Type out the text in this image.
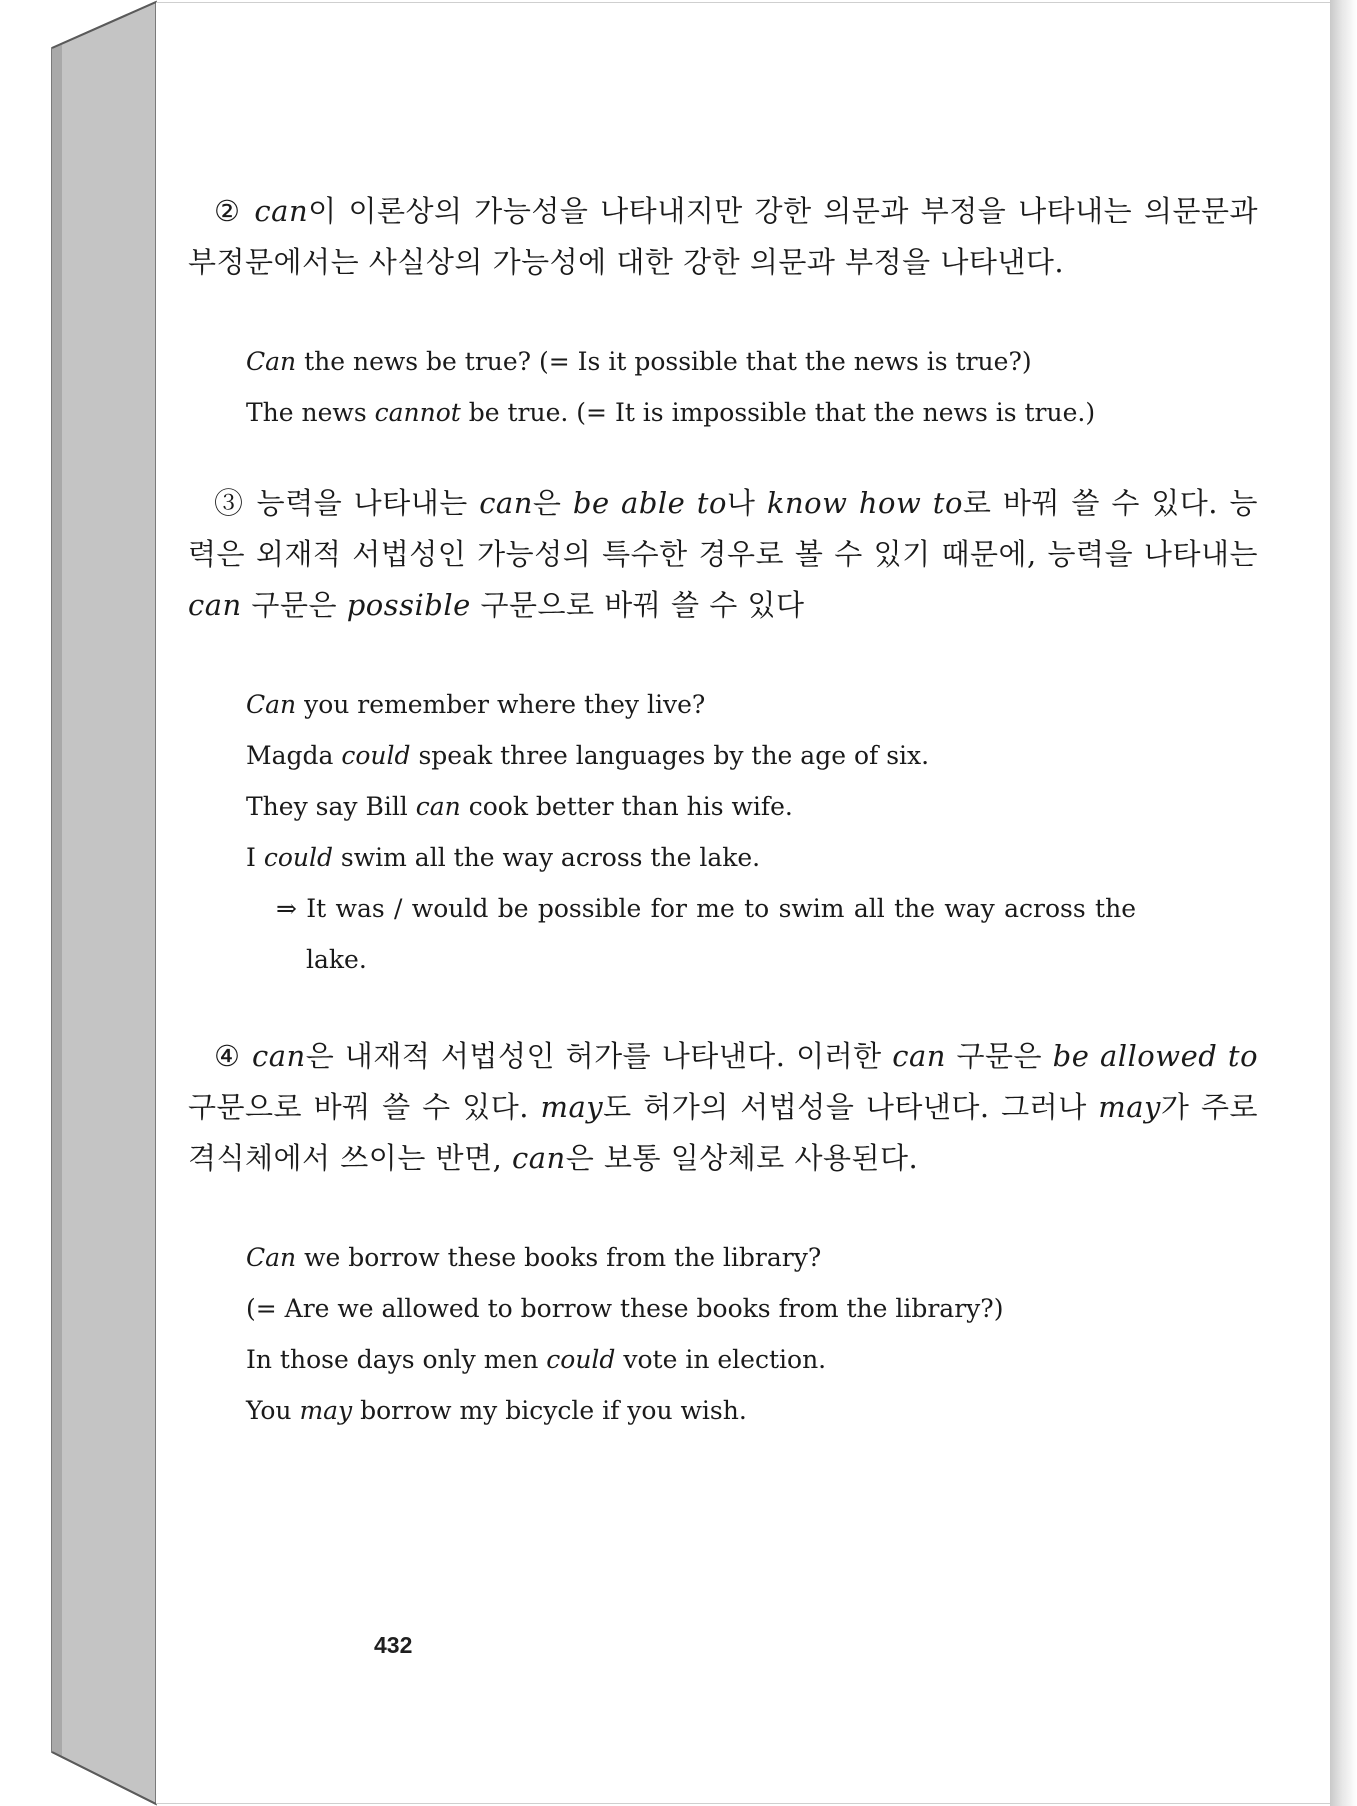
② can이 이론상의 가능성을 나타내지만 강한 의문과 부정을 나타내는 의문문과 부정문에서는 사실상의 가능성에 대한 강한 의문과 부정을 나타낸다.

Can the news be true? (= Is it possible that the news is true?)
The news cannot be true. (= It is impossible that the news is true.)

③ 능력을 나타내는 can은 be able to나 know how to로 바꿔 쓸 수 있다. 능력은 외재적 서법성인 가능성의 특수한 경우로 볼 수 있기 때문에, 능력을 나타내는 can 구문은 possible 구문으로 바꿔 쓸 수 있다

Can you remember where they live?
Magda could speak three languages by the age of six.
They say Bill can cook better than his wife.
I could swim all the way across the lake.
⇒ It was / would be possible for me to swim all the way across the lake.

④ can은 내재적 서법성인 허가를 나타낸다. 이러한 can 구문은 be allowed to 구문으로 바꿔 쓸 수 있다. may도 허가의 서법성을 나타낸다. 그러나 may가 주로 격식체에서 쓰이는 반면, can은 보통 일상체로 사용된다.

Can we borrow these books from the library?
(= Are we allowed to borrow these books from the library?)
In those days only men could vote in election.
You may borrow my bicycle if you wish.
432
